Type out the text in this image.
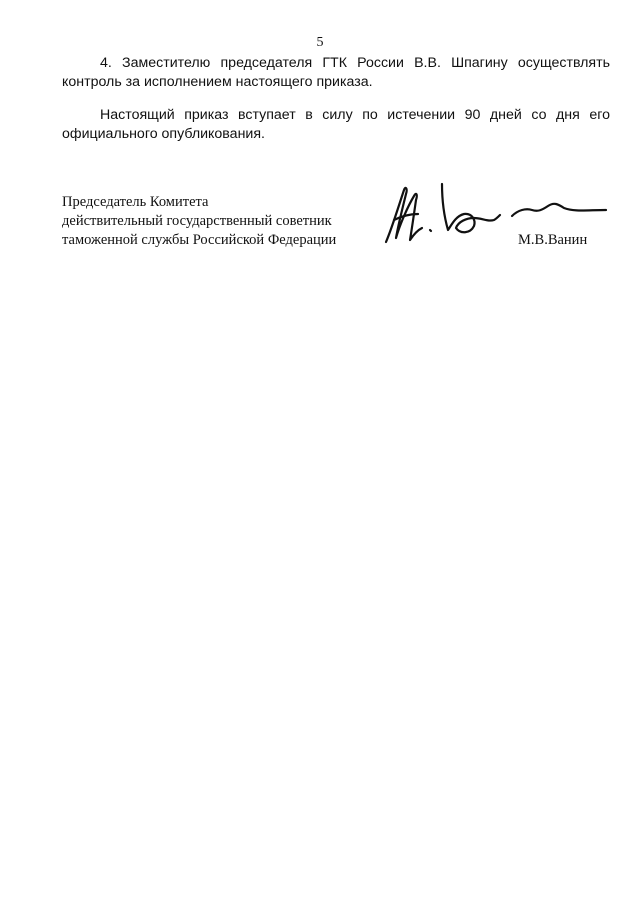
5
4. Заместителю председателя ГТК России В.В. Шпагину осуществлять
контроль за исполнением настоящего приказа.
Настоящий приказ вступает в силу по истечении 90 дней со дня его
официального опубликования.
Председатель Комитета
действительный государственный советник
таможенной службы Российской Федерации	М.В.Ванин
